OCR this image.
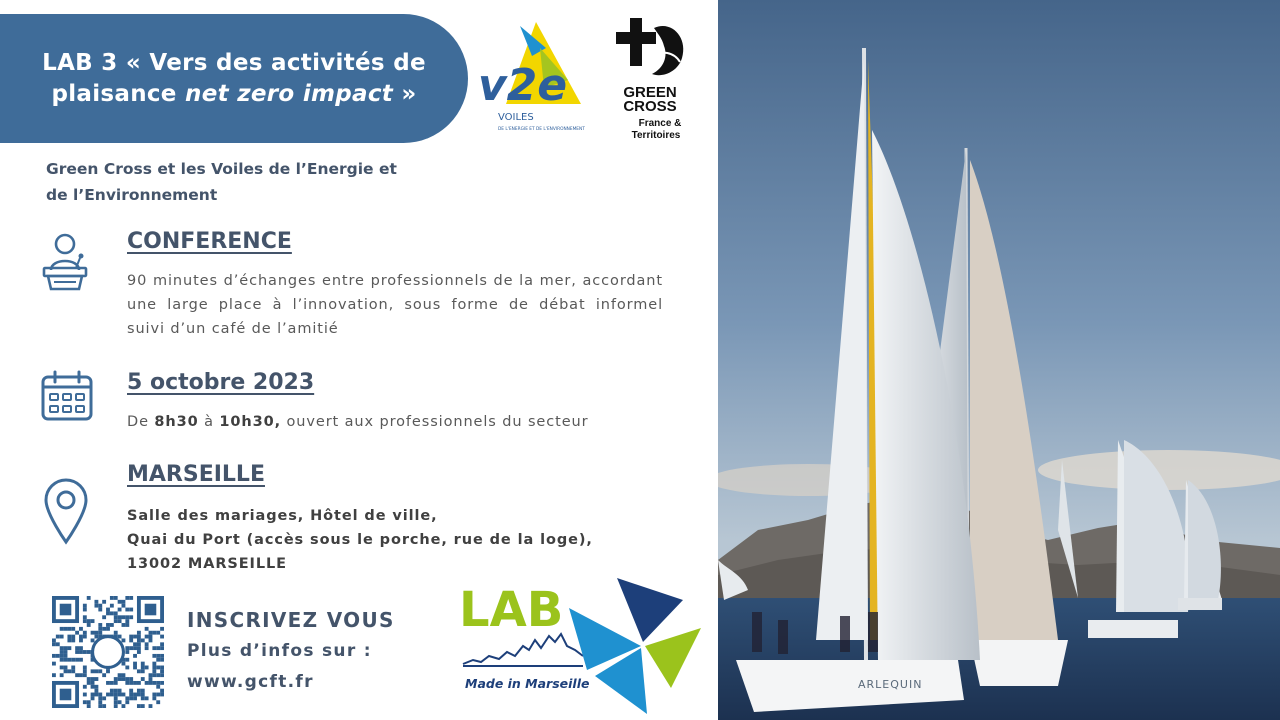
LAB 3 « Vers des activités de
plaisance net zero impact » v2e
VOILES
DE L'ENERGIE ET DE L'ENVIRONNEMENT
GREEN
CROSS
France &
Territoires
Green Cross et les Voiles de l’Energie et de l’Environnement
CONFERENCE
90 minutes d’échanges entre professionnels de la mer, accordant une large place à l’innovation, sous forme de débat informel suivi d’un café de l’amitié
5 octobre 2023
De 8h30 à 10h30, ouvert aux professionnels du secteur
MARSEILLE
Salle des mariages, Hôtel de ville,
Quai du Port (accès sous le porche, rue de la loge),
13002 MARSEILLE
INSCRIVEZ VOUS
Plus d’infos sur :
www.gcft.fr
LAB
Made in Marseille	ARLEQUIN
